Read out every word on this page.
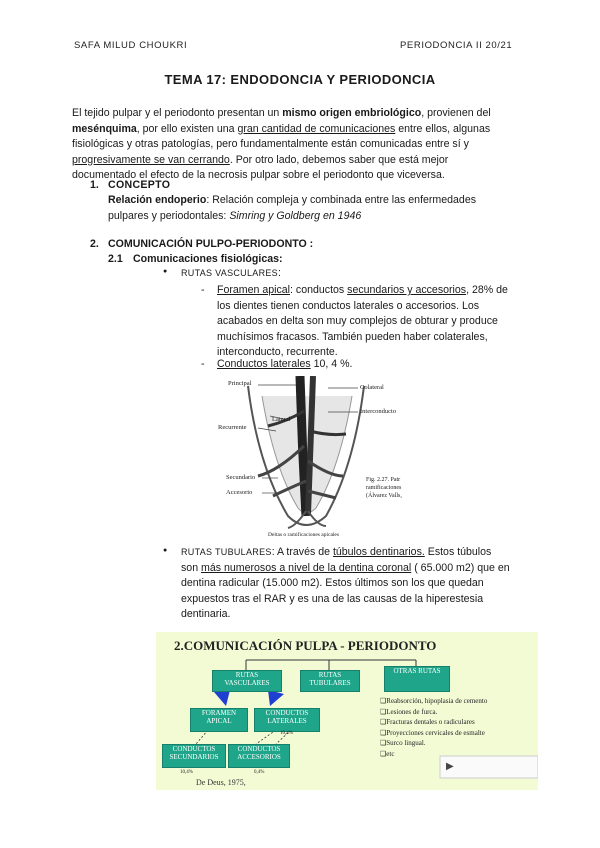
SAFA MILUD CHOUKRI	PERIODONCIA II 20/21
TEMA 17: ENDODONCIA Y PERIODONCIA
El tejido pulpar y el periodonto presentan un mismo origen embriológico, provienen del
mesénquima, por ello existen una gran cantidad de comunicaciones entre ellos, algunas
fisiológicas y otras patologías, pero fundamentalmente están comunicadas entre sí y
progresivamente se van cerrando. Por otro lado, debemos saber que está mejor
documentado el efecto de la necrosis pulpar sobre el periodonto que viceversa.
1. CONCEPTO
Relación endoperio: Relación compleja y combinada entre las enfermedades
pulpares y periodontales: Simring y Goldberg en 1946
2. COMUNICACIÓN PULPO-PERIODONTO :
2.1 Comunicaciones fisiológicas:
● RUTAS VASCULARES:
- Foramen apical: conductos secundarios y accesorios, 28% de
los dientes tienen conductos laterales o accesorios. Los
acabados en delta son muy complejos de obturar y produce
muchísimos fracasos. También pueden haber colaterales,
interconducto, recurrente.
- Conductos laterales 10, 4 %.
Principal
Colateral
Lateral
Interconducto
Recurrente
Secundario
Accesorio
Fig. 2.27. Patr
ramificaciones
(Álvarez Valls,
Deltas o ramificaciones apicales
● RUTAS TUBULARES: A través de túbulos dentinarios. Estos túbulos
son más numerosos a nivel de la dentina coronal ( 65.000 m2) que en
dentina radicular (15.000 m2). Estos últimos son los que quedan
expuestos tras el RAR y es una de las causas de la hiperestesia
dentinaria.
2.COMUNICACIÓN PULPA - PERIODONTO
RUTAS VASCULARES
RUTAS TUBULARES
OTRAS RUTAS
FORAMEN APICAL
CONDUCTOS LATERALES
10,4%
CONDUCTOS SECUNDARIOS
CONDUCTOS ACCESORIOS
10,4%	0,4%
De Deus, 1975,
❑Reabsorción, hipoplasia de cemento
❑Lesiones de furca.
❑Fracturas dentales o radiculares
❑Proyecciones cervicales de esmalte
❑Surco lingual.
❑etc
▶
